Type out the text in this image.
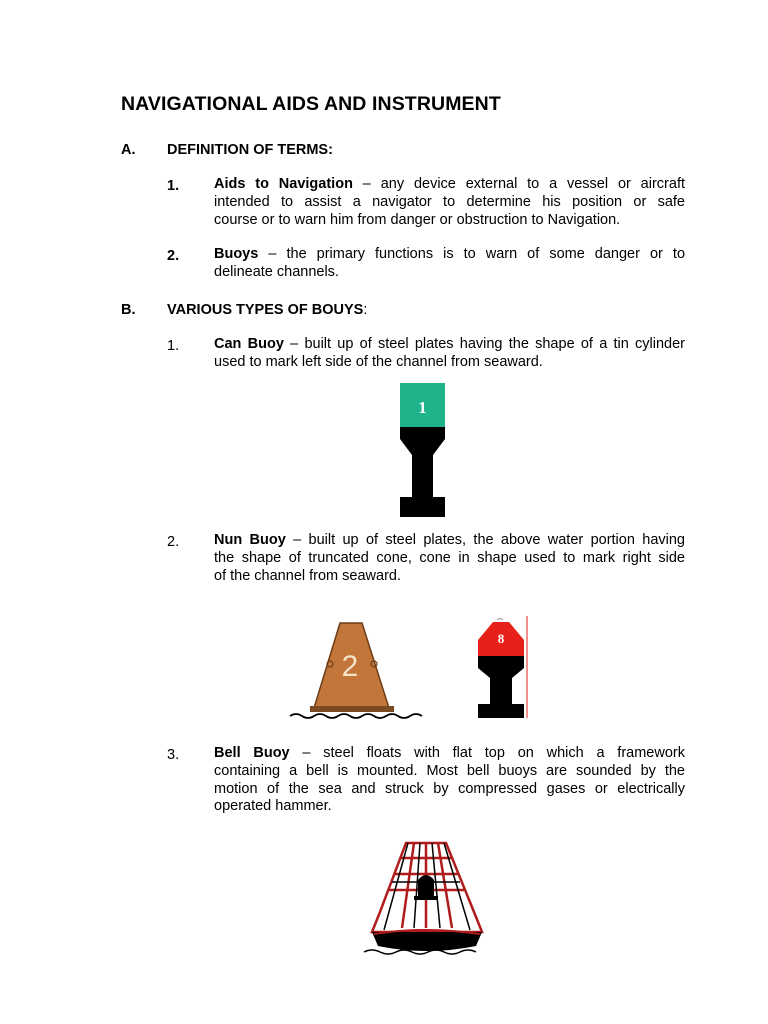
NAVIGATIONAL AIDS AND INSTRUMENT
A. DEFINITION OF TERMS:
1. Aids to Navigation – any device external to a vessel or aircraft
intended to assist a navigator to determine his position or safe
course or to warn him from danger or obstruction to Navigation.
2. Buoys – the primary functions is to warn of some danger or to
delineate channels.
B. VARIOUS TYPES OF BOUYS:
1. Can Buoy – built up of steel plates having the shape of a tin cylinder
used to mark left side of the channel from seaward.
1
2. Nun Buoy – built up of steel plates, the above water portion having
the shape of truncated cone, cone in shape used to mark right side
of the channel from seaward.
2
8
3. Bell Buoy – steel floats with flat top on which a framework
containing a bell is mounted. Most bell buoys are sounded by the
motion of the sea and struck by compressed gases or electrically
operated hammer.
